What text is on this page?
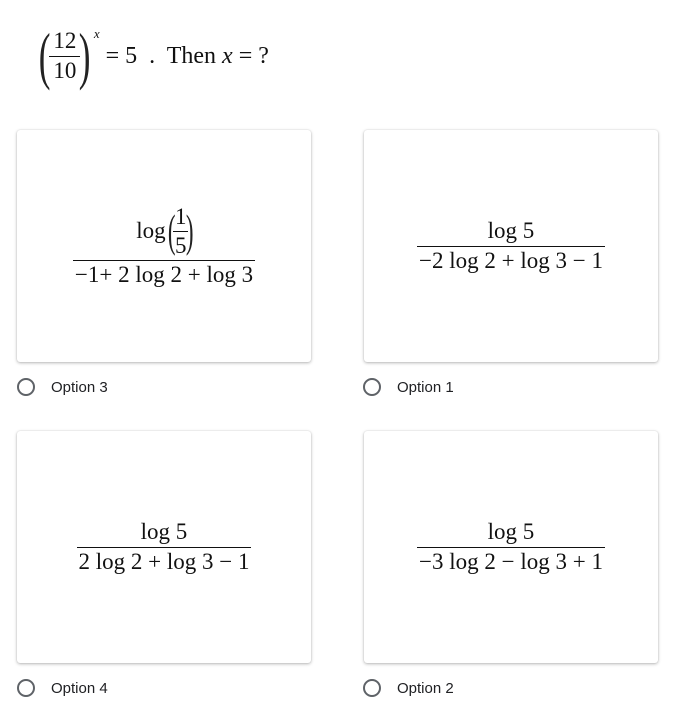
(
$\frac{12}{10}$
) x
= 5  .  Then
x = ?
log (
$\frac{1}{5}$
)
−1+ 2 log 2 + log 3
Option 3
$\frac{\log 5}{-2 \log 2 + \log 3 - 1}$
Option 1
$\frac{\log 5}{2 \log 2 + \log 3 - 1}$
Option 4
$\frac{\log 5}{-3 \log 2 - \log 3 + 1}$
Option 2
